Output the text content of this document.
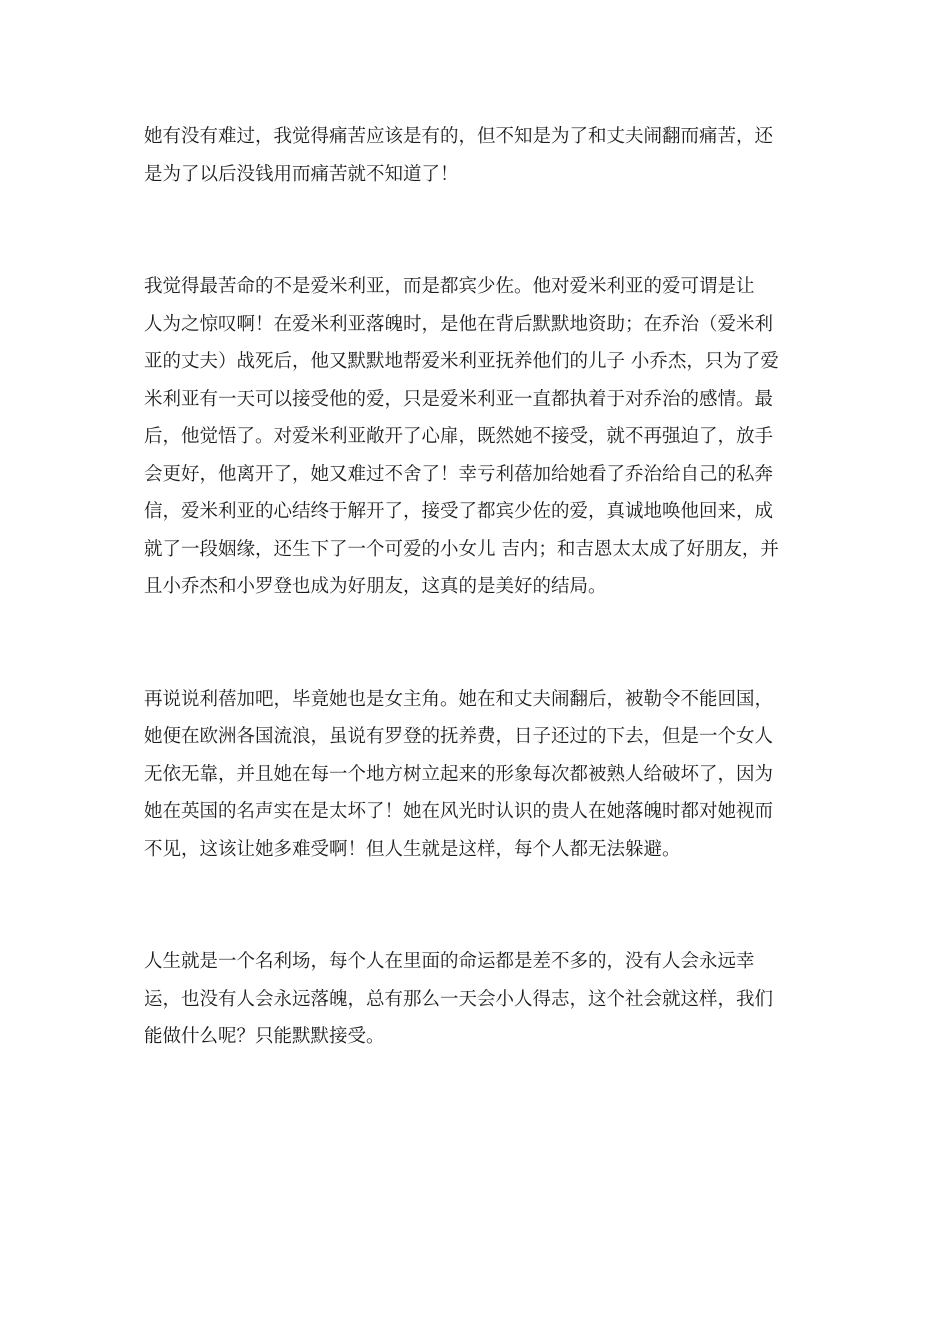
她有没有难过，我觉得痛苦应该是有的，但不知是为了和丈夫闹翻而痛苦，还
是为了以后没钱用而痛苦就不知道了！

我觉得最苦命的不是爱米利亚，而是都宾少佐。他对爱米利亚的爱可谓是让
人为之惊叹啊！在爱米利亚落魄时，是他在背后默默地资助；在乔治（爱米利
亚的丈夫）战死后，他又默默地帮爱米利亚抚养他们的儿子 小乔杰，只为了爱
米利亚有一天可以接受他的爱，只是爱米利亚一直都执着于对乔治的感情。最
后，他觉悟了。对爱米利亚敞开了心扉，既然她不接受，就不再强迫了，放手
会更好，他离开了，她又难过不舍了！幸亏利蓓加给她看了乔治给自己的私奔
信，爱米利亚的心结终于解开了，接受了都宾少佐的爱，真诚地唤他回来，成
就了一段姻缘，还生下了一个可爱的小女儿 吉内；和吉恩太太成了好朋友，并
且小乔杰和小罗登也成为好朋友，这真的是美好的结局。

再说说利蓓加吧，毕竟她也是女主角。她在和丈夫闹翻后，被勒令不能回国，
她便在欧洲各国流浪，虽说有罗登的抚养费，日子还过的下去，但是一个女人
无依无靠，并且她在每一个地方树立起来的形象每次都被熟人给破坏了，因为
她在英国的名声实在是太坏了！她在风光时认识的贵人在她落魄时都对她视而
不见，这该让她多难受啊！但人生就是这样，每个人都无法躲避。

人生就是一个名利场，每个人在里面的命运都是差不多的，没有人会永远幸
运，也没有人会永远落魄，总有那么一天会小人得志，这个社会就这样，我们
能做什么呢？只能默默接受。
